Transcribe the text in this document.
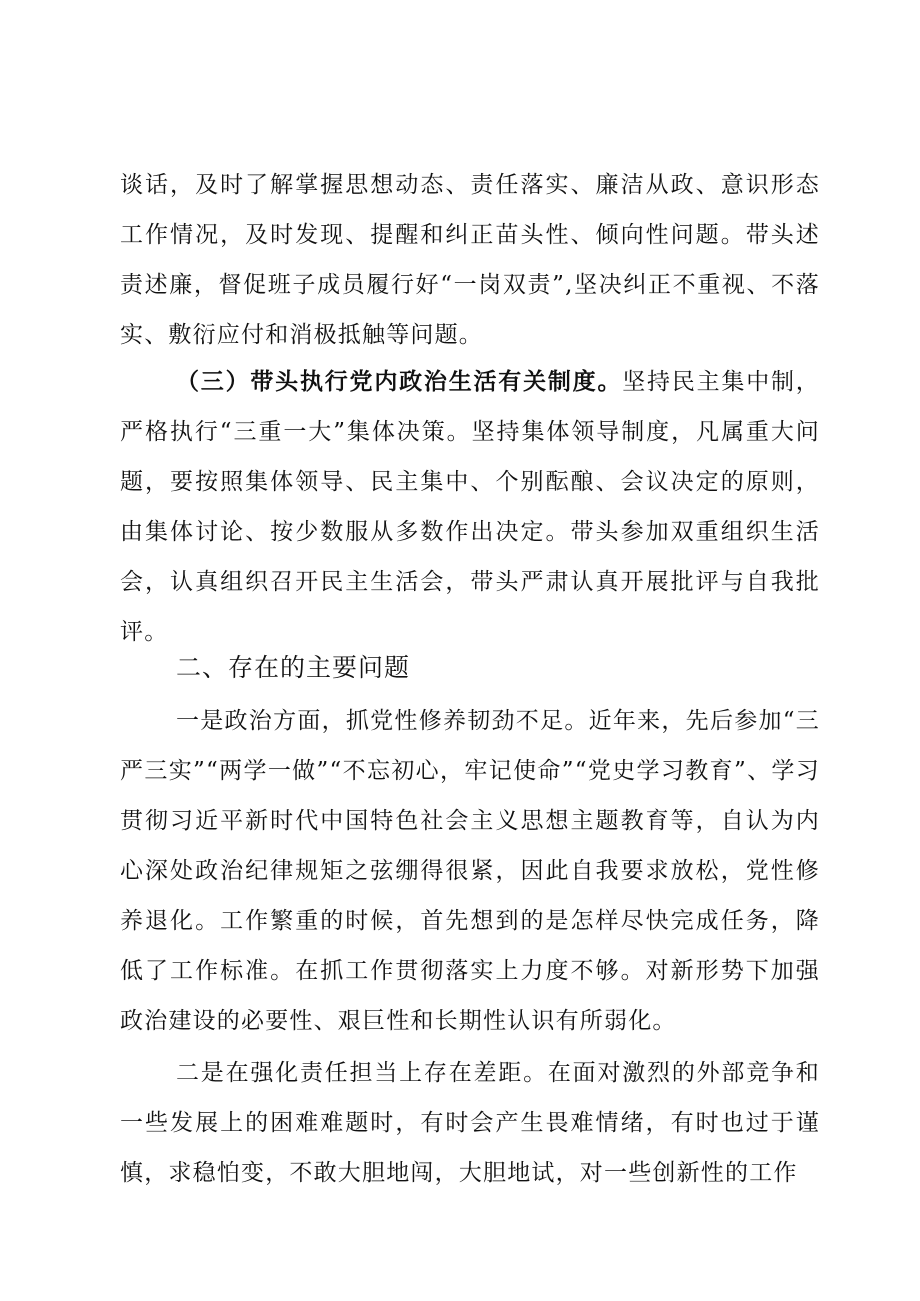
谈话，及时了解掌握思想动态、责任落实、廉洁从政、意识形态工作情况，及时发现、提醒和纠正苗头性、倾向性问题。带头述责述廉，督促班子成员履行好“一岗双责”,坚决纠正不重视、不落实、敷衍应付和消极抵触等问题。

（三）带头执行党内政治生活有关制度。坚持民主集中制，严格执行“三重一大”集体决策。坚持集体领导制度，凡属重大问题，要按照集体领导、民主集中、个别酝酿、会议决定的原则，由集体讨论、按少数服从多数作出决定。带头参加双重组织生活会，认真组织召开民主生活会，带头严肃认真开展批评与自我批评。

二、存在的主要问题

一是政治方面，抓党性修养韧劲不足。近年来，先后参加“三严三实”“两学一做”“不忘初心，牢记使命”“党史学习教育”、学习贯彻习近平新时代中国特色社会主义思想主题教育等，自认为内心深处政治纪律规矩之弦绷得很紧，因此自我要求放松，党性修养退化。工作繁重的时候，首先想到的是怎样尽快完成任务，降低了工作标准。在抓工作贯彻落实上力度不够。对新形势下加强政治建设的必要性、艰巨性和长期性认识有所弱化。

二是在强化责任担当上存在差距。在面对激烈的外部竞争和一些发展上的困难难题时，有时会产生畏难情绪，有时也过于谨慎，求稳怕变，不敢大胆地闯，大胆地试，对一些创新性的工作
